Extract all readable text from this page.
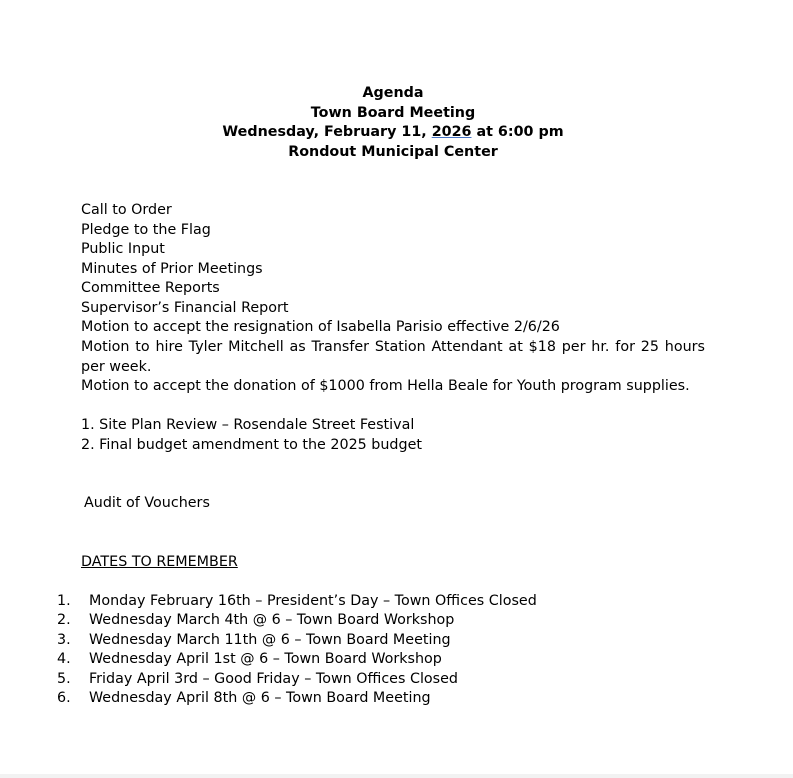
Agenda
Town Board Meeting
Wednesday, February 11, 2026 at 6:00 pm
Rondout Municipal Center
Call to Order
Pledge to the Flag
Public Input
Minutes of Prior Meetings
Committee Reports
Supervisor’s Financial Report
Motion to accept the resignation of Isabella Parisio effective 2/6/26
Motion to hire Tyler Mitchell as Transfer Station Attendant at $18 per hr. for 25 hours per week.
Motion to accept the donation of $1000 from Hella Beale for Youth program supplies.
1. Site Plan Review – Rosendale Street Festival
2. Final budget amendment to the 2025 budget
Audit of Vouchers
DATES TO REMEMBER
1. Monday February 16th – President’s Day – Town Offices Closed
2. Wednesday March 4th @ 6 – Town Board Workshop
3. Wednesday March 11th @ 6 – Town Board Meeting
4. Wednesday April 1st @ 6 – Town Board Workshop
5. Friday April 3rd – Good Friday – Town Offices Closed
6. Wednesday April 8th @ 6 – Town Board Meeting
